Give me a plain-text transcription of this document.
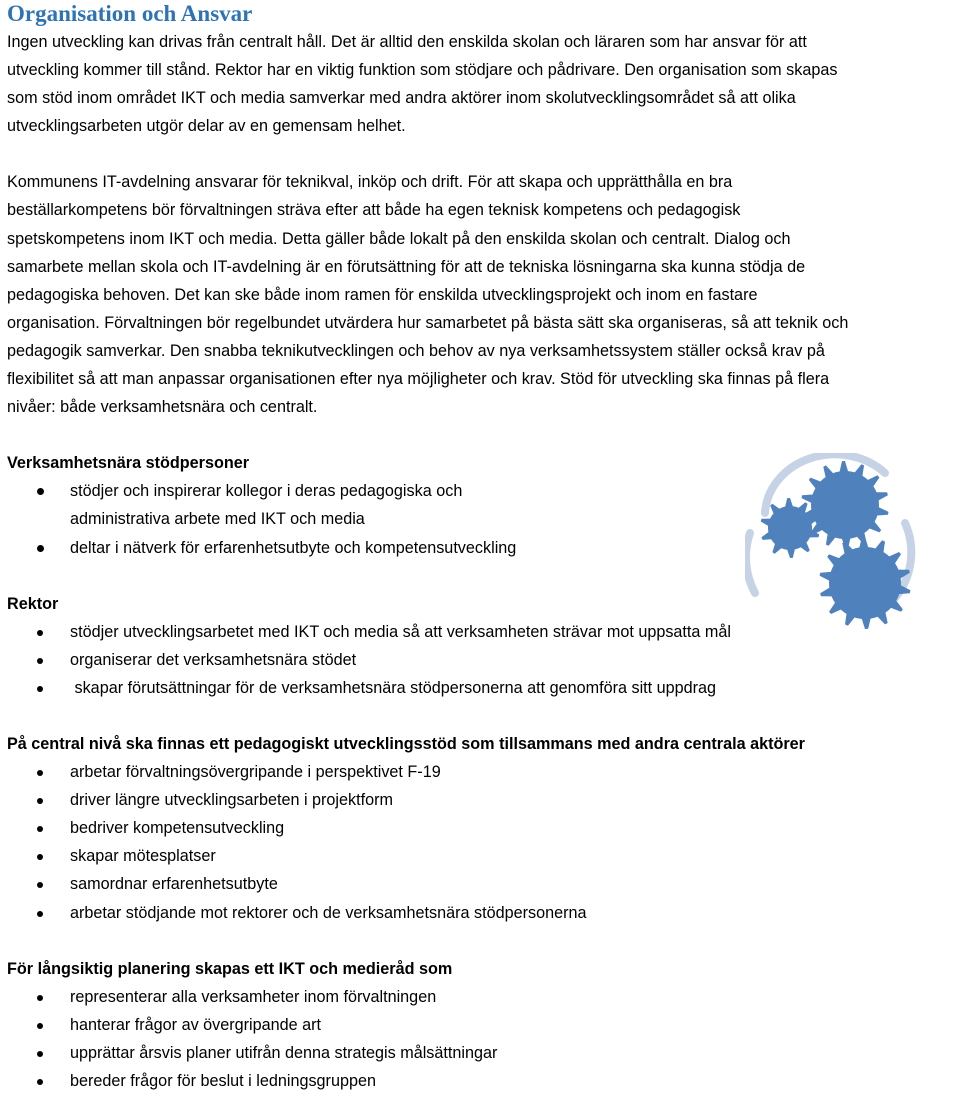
Organisation och Ansvar

Ingen utveckling kan drivas från centralt håll. Det är alltid den enskilda skolan och läraren som har ansvar för att

utveckling kommer till stånd. Rektor har en viktig funktion som stödjare och pådrivare. Den organisation som skapas

som stöd inom området IKT och media samverkar med andra aktörer inom skolutvecklingsområdet så att olika

utvecklingsarbeten utgör delar av en gemensam helhet.

Kommunens IT-avdelning ansvarar för teknikval, inköp och drift. För att skapa och upprätthålla en bra

beställarkompetens bör förvaltningen sträva efter att både ha egen teknisk kompetens och pedagogisk

spetskompetens inom IKT och media. Detta gäller både lokalt på den enskilda skolan och centralt. Dialog och

samarbete mellan skola och IT-avdelning är en förutsättning för att de tekniska lösningarna ska kunna stödja de

pedagogiska behoven. Det kan ske både inom ramen för enskilda utvecklingsprojekt och inom en fastare

organisation. Förvaltningen bör regelbundet utvärdera hur samarbetet på bästa sätt ska organiseras, så att teknik och

pedagogik samverkar. Den snabba teknikutvecklingen och behov av nya verksamhetssystem ställer också krav på

flexibilitet så att man anpassar organisationen efter nya möjligheter och krav. Stöd för utveckling ska finnas på flera

nivåer: både verksamhetsnära och centralt.

Verksamhetsnära stödpersoner

stödjer och inspirerar kollegor i deras pedagogiska och
administrativa arbete med IKT och media
deltar i nätverk för erfarenhetsutbyte och kompetensutveckling

Rektor

stödjer utvecklingsarbetet med IKT och media så att verksamheten strävar mot uppsatta mål
organiserar det verksamhetsnära stödet
skapar förutsättningar för de verksamhetsnära stödpersonerna att genomföra sitt uppdrag

På central nivå ska finnas ett pedagogiskt utvecklingsstöd som tillsammans med andra centrala aktörer

arbetar förvaltningsövergripande i perspektivet F-19
driver längre utvecklingsarbeten i projektform
bedriver kompetensutveckling
skapar mötesplatser
samordnar erfarenhetsutbyte
arbetar stödjande mot rektorer och de verksamhetsnära stödpersonerna

För långsiktig planering skapas ett IKT och medieråd som

representerar alla verksamheter inom förvaltningen
hanterar frågor av övergripande art
upprättar årsvis planer utifrån denna strategis målsättningar
bereder frågor för beslut i ledningsgruppen
